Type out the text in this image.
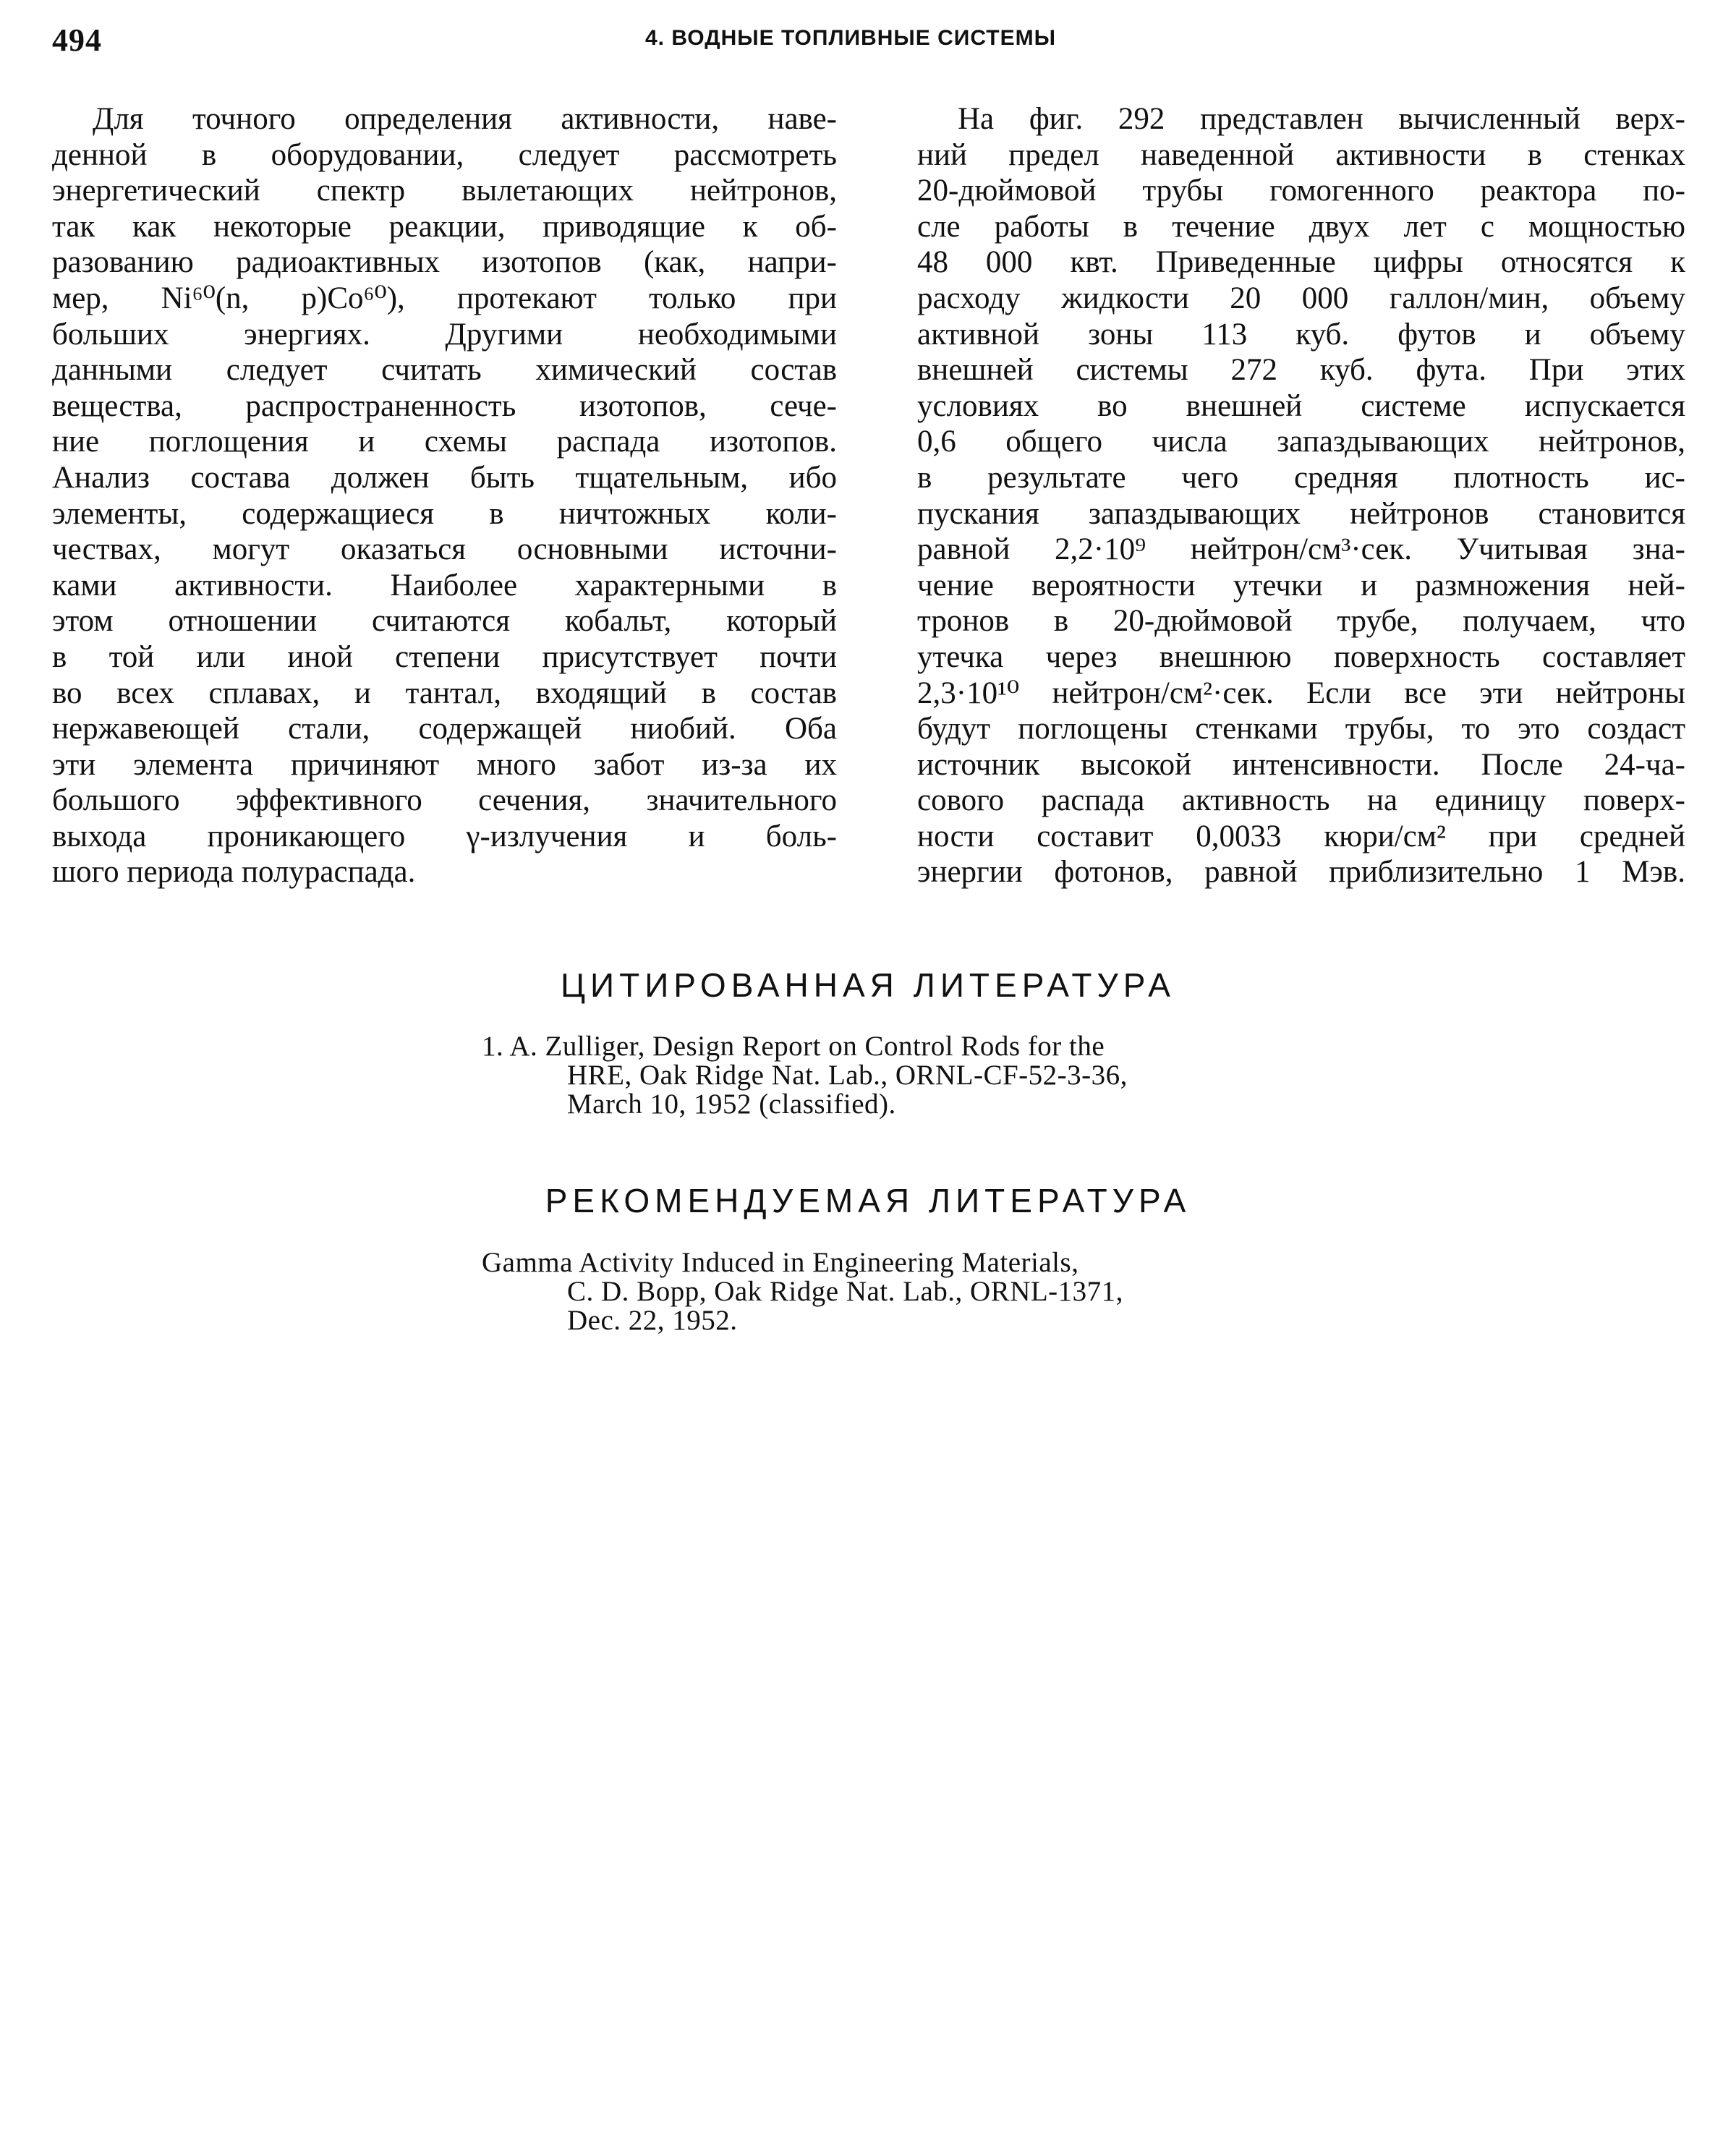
494	4. ВОДНЫЕ ТОПЛИВНЫЕ СИСТЕМЫ
Для точного определения активности, наве-
денной в оборудовании, следует рассмотреть
энергетический спектр вылетающих нейтронов,
так как некоторые реакции, приводящие к об-
разованию радиоактивных изотопов (как, напри-
мер, Ni⁶⁰(n, p)Co⁶⁰), протекают только при
больших энергиях. Другими необходимыми
данными следует считать химический состав
вещества, распространенность изотопов, сече-
ние поглощения и схемы распада изотопов.
Анализ состава должен быть тщательным, ибо
элементы, содержащиеся в ничтожных коли-
чествах, могут оказаться основными источни-
ками активности. Наиболее характерными в
этом отношении считаются кобальт, который
в той или иной степени присутствует почти
во всех сплавах, и тантал, входящий в состав
нержавеющей стали, содержащей ниобий. Оба
эти элемента причиняют много забот из-за их
большого эффективного сечения, значительного
выхода проникающего γ-излучения и боль-
шого периода полураспада.
На фиг. 292 представлен вычисленный верх-
ний предел наведенной активности в стенках
20-дюймовой трубы гомогенного реактора по-
сле работы в течение двух лет с мощностью
48 000 квт. Приведенные цифры относятся к
расходу жидкости 20 000 галлон/мин, объему
активной зоны 113 куб. футов и объему
внешней системы 272 куб. фута. При этих
условиях во внешней системе испускается
0,6 общего числа запаздывающих нейтронов,
в результате чего средняя плотность ис-
пускания запаздывающих нейтронов становится
равной 2,2·10⁹ нейтрон/см³·сек. Учитывая зна-
чение вероятности утечки и размножения ней-
тронов в 20-дюймовой трубе, получаем, что
утечка через внешнюю поверхность составляет
2,3·10¹⁰ нейтрон/см²·сек. Если все эти нейтроны
будут поглощены стенками трубы, то это создаст
источник высокой интенсивности. После 24-ча-
сового распада активность на единицу поверх-
ности составит 0,0033 кюри/см² при средней
энергии фотонов, равной приблизительно 1 Мэв.
ЦИТИРОВАННАЯ ЛИТЕРАТУРА
1. A. Zulliger, Design Report on Control Rods for the
HRE, Oak Ridge Nat. Lab., ORNL-CF-52-3-36,
March 10, 1952 (classified).
РЕКОМЕНДУЕМАЯ ЛИТЕРАТУРА
Gamma Activity Induced in Engineering Materials,
C. D. Bopp, Oak Ridge Nat. Lab., ORNL-1371,
Dec. 22, 1952.
